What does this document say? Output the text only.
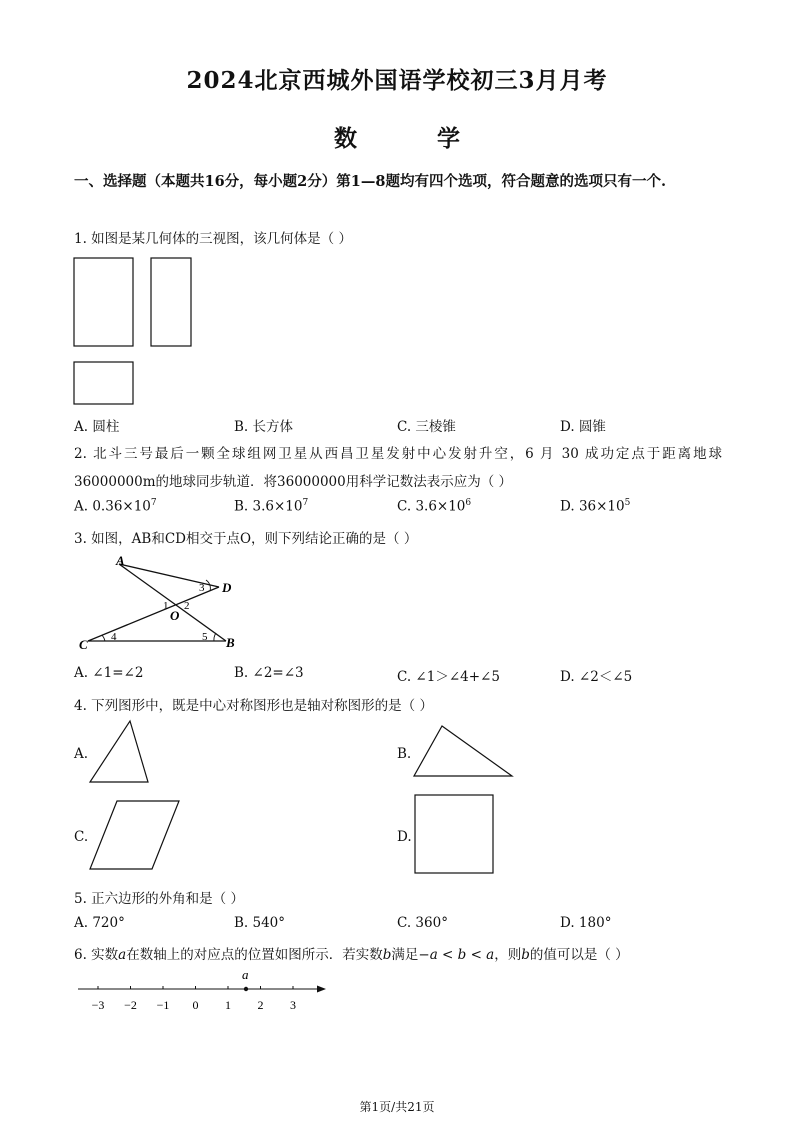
2024北京西城外国语学校初三3月月考
数 学
一、选择题（本题共16分，每小题2分）第1—8题均有四个选项，符合题意的选项只有一个.
1. 如图是某几何体的三视图，该几何体是（ ）
A. 圆柱	B. 长方体	C. 三棱锥	D. 圆锥
2. 北斗三号最后一颗全球组网卫星从西昌卫星发射中心发射升空，6 月 30 成功定点于距离地球
36000000m的地球同步轨道．将36000000用科学记数法表示应为（ ）
A. $0.36\times 10^7$	B. $3.6\times 10^7$	C. $3.6\times 10^6$	D. $36\times 10^5$
3. 如图，AB和CD相交于点O，则下列结论正确的是（ ）
A
D
C	B
O
1 2
3
4	5
A. ∠1=∠2	B. ∠2=∠3	C. ∠1＞∠4+∠5	D. ∠2＜∠5
4. 下列图形中，既是中心对称图形也是轴对称图形的是（ ）
A.	B.
C.	D.
5. 正六边形的外角和是（ ）
A. 720°	B. 540°	C. 360°	D. 180°
6. 实数a在数轴上的对应点的位置如图所示．若实数b满足−a < b < a，则b的值可以是（ ）
−3 −2 −1 0 1 2 3
a
第1页/共21页
